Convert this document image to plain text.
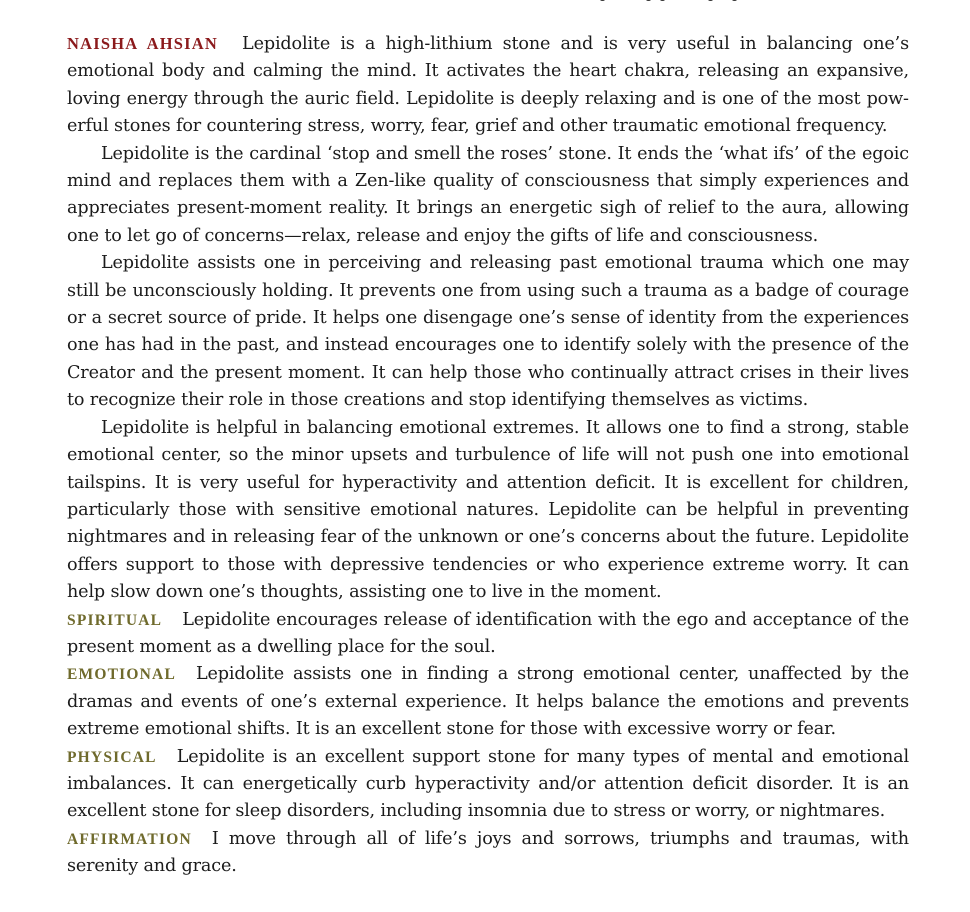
NAISHA AHSIAN Lepidolite is a high-lithium stone and is very useful in balancing one’s emotional body and calming the mind. It activates the heart chakra, releasing an expansive, loving energy through the auric field. Lepidolite is deeply relaxing and is one of the most powerful stones for countering stress, worry, fear, grief and other traumatic emotional frequency.

Lepidolite is the cardinal ‘stop and smell the roses’ stone. It ends the ‘what ifs’ of the egoic mind and replaces them with a Zen-like quality of consciousness that simply experiences and appreciates present-moment reality. It brings an energetic sigh of relief to the aura, allowing one to let go of concerns—relax, release and enjoy the gifts of life and consciousness.

Lepidolite assists one in perceiving and releasing past emotional trauma which one may still be unconsciously holding. It prevents one from using such a trauma as a badge of courage or a secret source of pride. It helps one disengage one’s sense of identity from the experiences one has had in the past, and instead encourages one to identify solely with the presence of the Creator and the present moment. It can help those who continually attract crises in their lives to recognize their role in those creations and stop identifying themselves as victims.

Lepidolite is helpful in balancing emotional extremes. It allows one to find a strong, stable emotional center, so the minor upsets and turbulence of life will not push one into emotional tailspins. It is very useful for hyperactivity and attention deficit. It is excellent for children, particularly those with sensitive emotional natures. Lepidolite can be helpful in preventing nightmares and in releasing fear of the unknown or one’s concerns about the future. Lepidolite offers support to those with depressive tendencies or who experience extreme worry. It can help slow down one’s thoughts, assisting one to live in the moment.

SPIRITUAL Lepidolite encourages release of identification with the ego and acceptance of the present moment as a dwelling place for the soul.

EMOTIONAL Lepidolite assists one in finding a strong emotional center, unaffected by the dramas and events of one’s external experience. It helps balance the emotions and prevents extreme emotional shifts. It is an excellent stone for those with excessive worry or fear.

PHYSICAL Lepidolite is an excellent support stone for many types of mental and emotional imbalances. It can energetically curb hyperactivity and/or attention deficit disorder. It is an excellent stone for sleep disorders, including insomnia due to stress or worry, or nightmares.

AFFIRMATION I move through all of life’s joys and sorrows, triumphs and traumas, with serenity and grace.
